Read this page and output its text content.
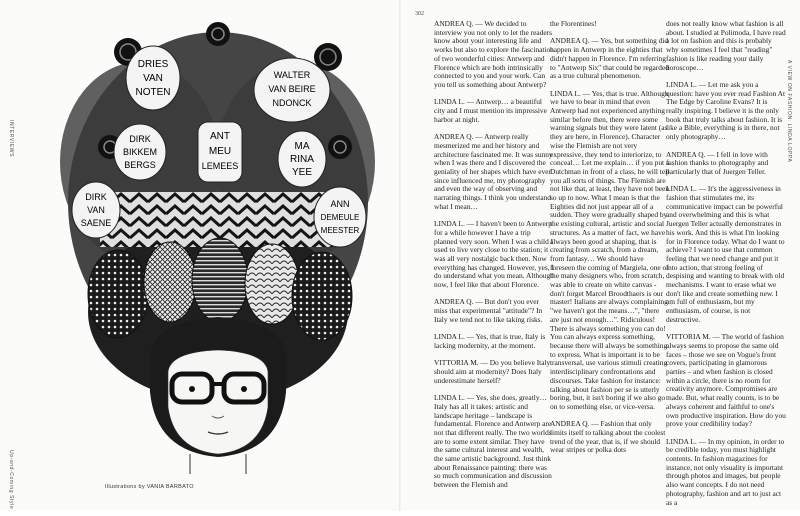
INTERVIEWS
Up-and-Coming Style
A VIEW ON FASHION: LINDA LOPPA
302
DRIES
VAN
NOTEN
WALTER
VAN BEIRE
NDONCK
DIRK
BIKKEM
BERGS
ANT
MEU
LEMEES
MA
RINA
YEE
DIRK
VAN
SAENE
ANN
DEMEULE
MEESTER
Illustrations by VANIA BARBATO

ANDREA Q. — We decided to interview you not only to let the readers know about your interesting life and works but also to explore the fascination of two wonderful cities: Antwerp and Florence which are both intrinsically connected to you and your work. Can you tell us something about Antwerp?

LINDA L. — Antwerp… a beautiful city and I must mention its impressive harbor at night.

ANDREA Q. — Antwerp really mesmerized me and her history and architecture fascinated me. It was sunny when I was there and I discovered the geniality of her shapes which have ever since influenced me, my photography and even the way of observing and narrating things. I think you understand what I mean…

LINDA L. — I haven't been to Antwerp for a while however I have a trip planned very soon. When I was a child I used to live very close to the station; it was all very nostalgic back then. Now everything has changed. However, yes, I do understand what you mean. Although now, I feel like that about Florence.

ANDREA Q. — But don't you ever miss that experimental "attitude"? In Italy we tend not to like taking risks.

LINDA L. — Yes, that is true, Italy is lacking modernity, at the moment.

VITTORIA M. — Do you believe Italy should aim at modernity? Does Italy underestimate herself?

LINDA L. — Yes, she does, greatly… Italy has all it takes: artistic and landscape heritage – landscape is fundamental. Florence and Antwerp are not that different really. The two worlds are to some extent similar. They have the same cultural interest and wealth, the same artistic background. Just think about Renaissance painting: there was so much communication and discussion between the Flemish and

the Florentines!

ANDREA Q. — Yes, but something did happen in Antwerp in the eighties that didn't happen in Florence. I'm referring to "Antwerp Six" that could be regarded as a true cultural phenomenon.

LINDA L. — Yes, that is true. Although we have to bear in mind that even Antwerp had not experienced anything similar before then, there were some warning signals but they were latent (as they are here, in Florence). Character wise the Flemish are not very expressive, they tend to interiorize, to conceal… Let me explain… if you put a Dutchman in front of a class, he will tell you all sorts of things. The Flemish are not like that, at least, they have not been so up to now. What I mean is that the Eighties did not just appear all of a sudden. They were gradually shaped by the existing cultural, artistic and social structures. As a matter of fact, we have always been good at shaping, that is creating from scratch, from a dream, from fantasy… We should have foreseen the coming of Margiela, one of the many designers who, from scratch, was able to create on white canvas - don't forget Marcel Broodthaers is our master! Italians are always complaining "we haven't got the means…", "there are just not enough…". Ridiculous! There is always something you can do! You can always express something, because there will always be something to express. What is important is to be transversal, use various stimuli creating interdisciplinary confrontations and discourses. Take fashion for instance: talking about fashion per se is utterly boring, but, it isn't boring if we also go on to something else, or vice-versa.

ANDREA Q. — Fashion that only limits itself to talking about the coolest trend of the year, that is, if we should wear stripes or polka dots

does not really know what fashion is all about. I studied at Polimoda, I have read a lot on fashion and this is probably why sometimes I feel that "reading" fashion is like reading your daily horoscope…

LINDA L. — Let me ask you a question: have you ever read Fashion At The Edge by Caroline Evans? It is really inspiring. I believe it is the only book that truly talks about fashion. It is like a Bible, everything is in there, not only photography…

ANDREA Q. — I fell in love with fashion thanks to photography and particularly that of Juergen Teller.

LINDA L. — It's the aggressiveness in fashion that stimulates me, its communicative impact can be powerful and overwhelming and this is what Juergen Teller actually demonstrates in his work. And this is what I'm looking for in Florence today. What do I want to achieve? I want to use that common feeling that we need change and put it into action, that strong feeling of despising and wanting to break with old mechanisms. I want to erase what we don't like and create something new. I am full of enthusiasm, but my enthusiasm, of course, is not destructive.

VITTORIA M. — The world of fashion always seems to propose the same old faces – those we see on Vogue's front covers, participating in glamorous parties – and when fashion is closed within a circle, there is no room for creativity anymore. Compromises are made. But, what really counts, is to be always coherent and faithful to one's own productive inspiration. How do you prove your credibility today?

LINDA L. — In my opinion, in order to be credible today, you must highlight contents. In fashion magazines for instance, not only visuality is important through photos and images, but people also want concepts. I do not need photography, fashion and art to just act as a
